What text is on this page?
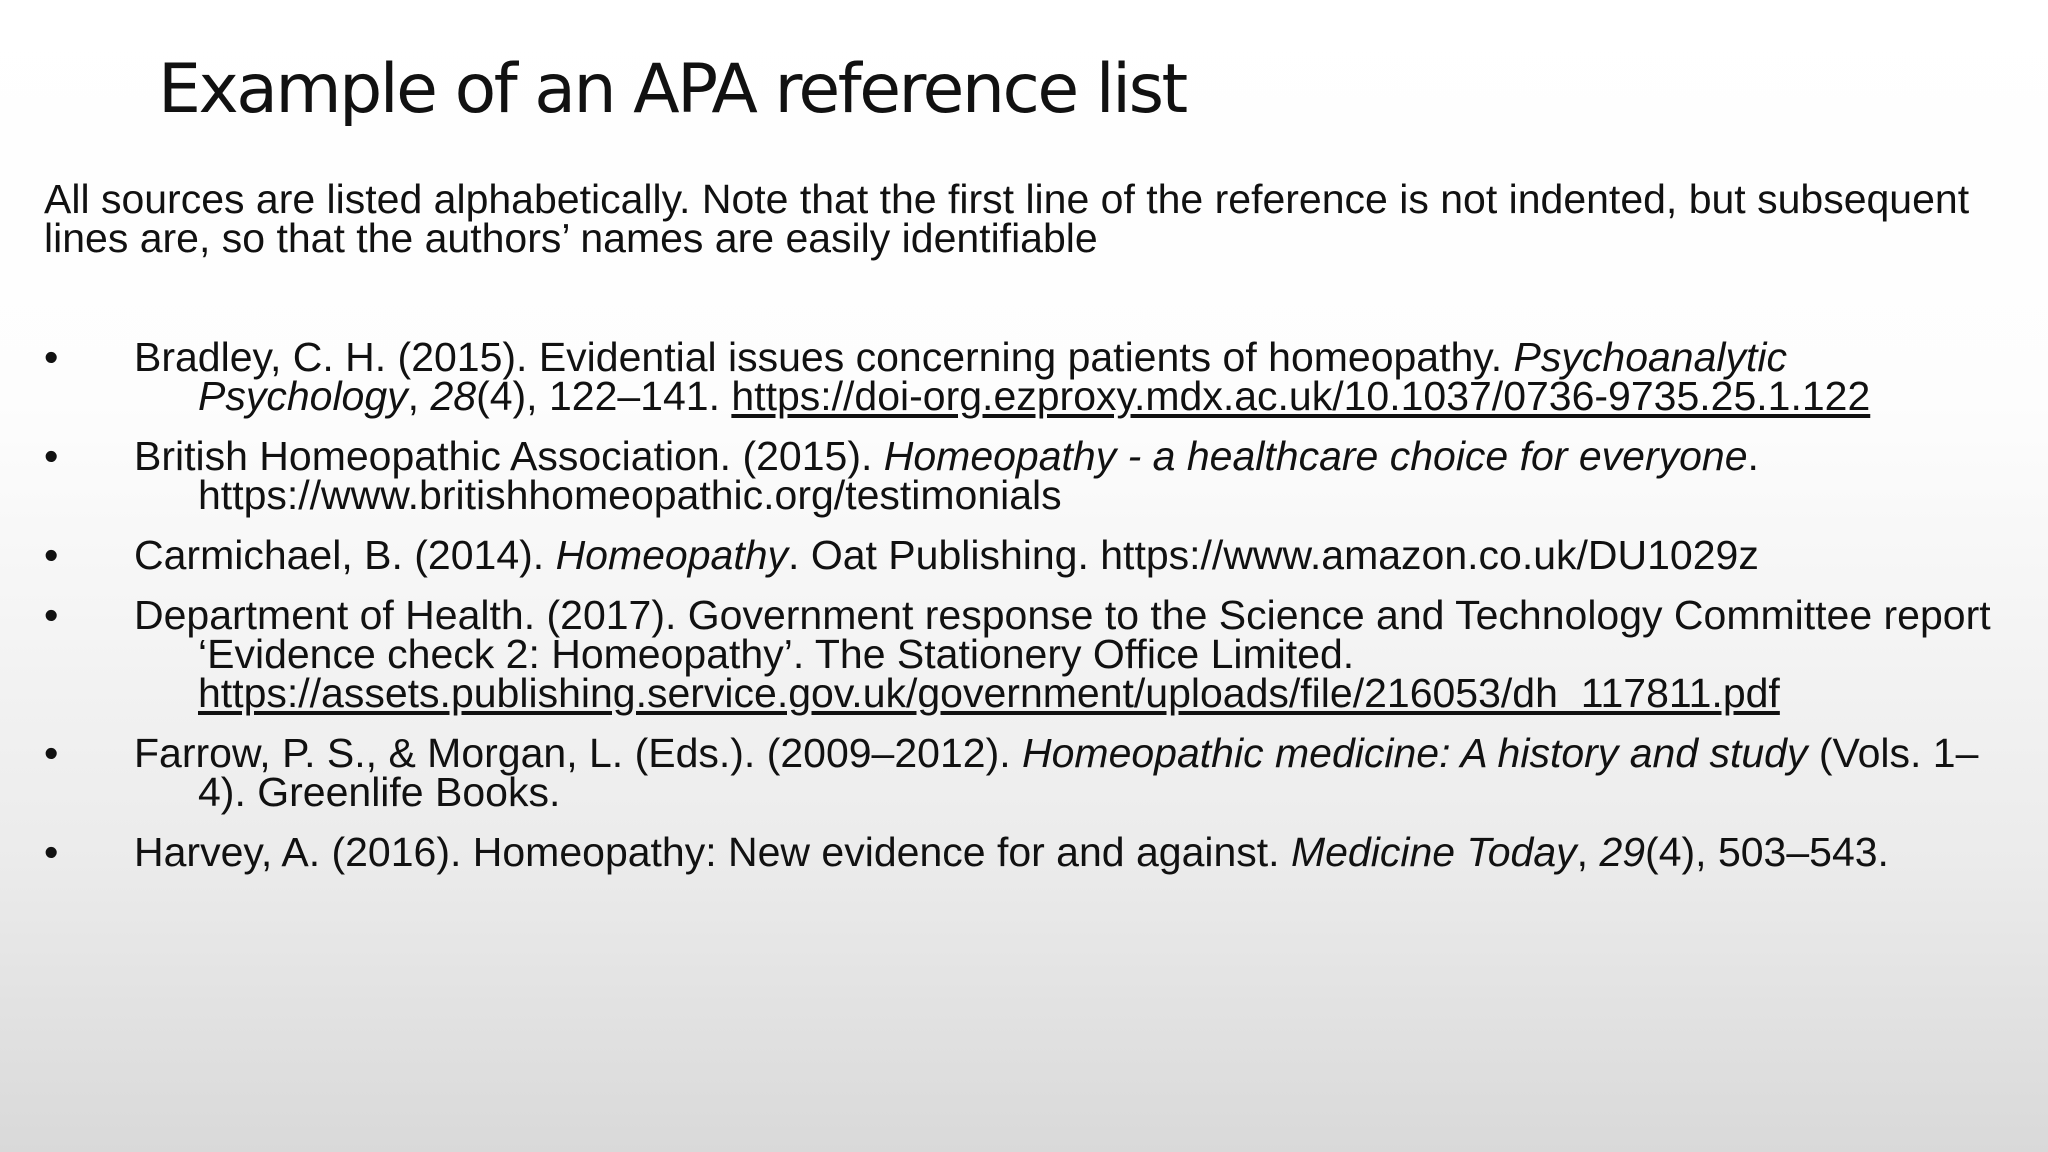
Example of an APA reference list

All sources are listed alphabetically. Note that the first line of the reference is not indented, but subsequent lines are, so that the authors’ names are easily identifiable

• Bradley, C. H. (2015). Evidential issues concerning patients of homeopathy. Psychoanalytic Psychology, 28(4), 122–141. https://doi-org.ezproxy.mdx.ac.uk/10.1037/0736-9735.25.1.122
• British Homeopathic Association. (2015). Homeopathy - a healthcare choice for everyone. https://www.britishhomeopathic.org/testimonials
• Carmichael, B. (2014). Homeopathy. Oat Publishing. https://www.amazon.co.uk/DU1029z
• Department of Health. (2017). Government response to the Science and Technology Committee report ‘Evidence check 2: Homeopathy’. The Stationery Office Limited. https://assets.publishing.service.gov.uk/government/uploads/file/216053/dh_117811.pdf
• Farrow, P. S., & Morgan, L. (Eds.). (2009–2012). Homeopathic medicine: A history and study (Vols. 1–4). Greenlife Books.
• Harvey, A. (2016). Homeopathy: New evidence for and against. Medicine Today, 29(4), 503–543.
